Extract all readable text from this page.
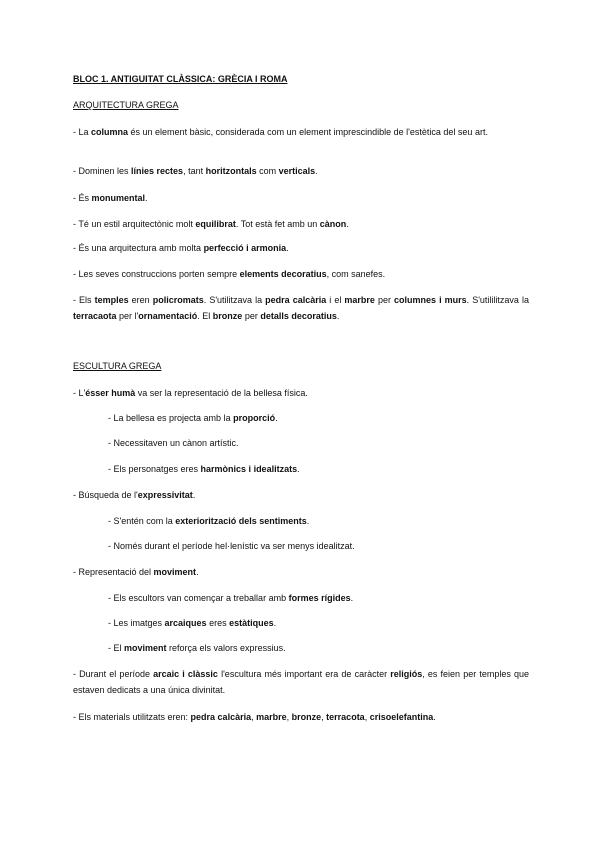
BLOC 1. ANTIGUITAT CLÀSSICA: GRÈCIA I ROMA

ARQUITECTURA GREGA

- La columna és un element bàsic, considerada com un element imprescindible de l'estètica del seu art.

- Dominen les línies rectes, tant horitzontals com verticals.

- És monumental.

- Té un estil arquitectònic molt equilibrat. Tot està fet amb un cànon.

- És una arquitectura amb molta perfecció i armonia.

- Les seves construccions porten sempre elements decoratius, com sanefes.

- Els temples eren policromats. S'utilitzava la pedra calcària i el marbre per columnes i murs. S'utililitzava la terracaota per l'ornamentació. El bronze per detalls decoratius.

ESCULTURA GREGA

- L'ésser humà va ser la representació de la bellesa física.

- La bellesa es projecta amb la proporció.

- Necessitaven un cànon artístic.

- Els personatges eres harmònics i idealitzats.

- Búsqueda de l'expressivitat.

- S'entén com la exteriorització dels sentiments.

- Només durant el període hel·lenístic va ser menys idealitzat.

- Representació del moviment.

- Els escultors van començar a treballar amb formes rígides.

- Les imatges arcaiques eres estàtiques.

- El moviment reforça els valors expressius.

- Durant el període arcaic i clàssic l'escultura més important era de caràcter religiós, es feien per temples que estaven dedicats a una única divinitat.

- Els materials utilitzats eren: pedra calcària, marbre, bronze, terracota, crisoelefantina.
